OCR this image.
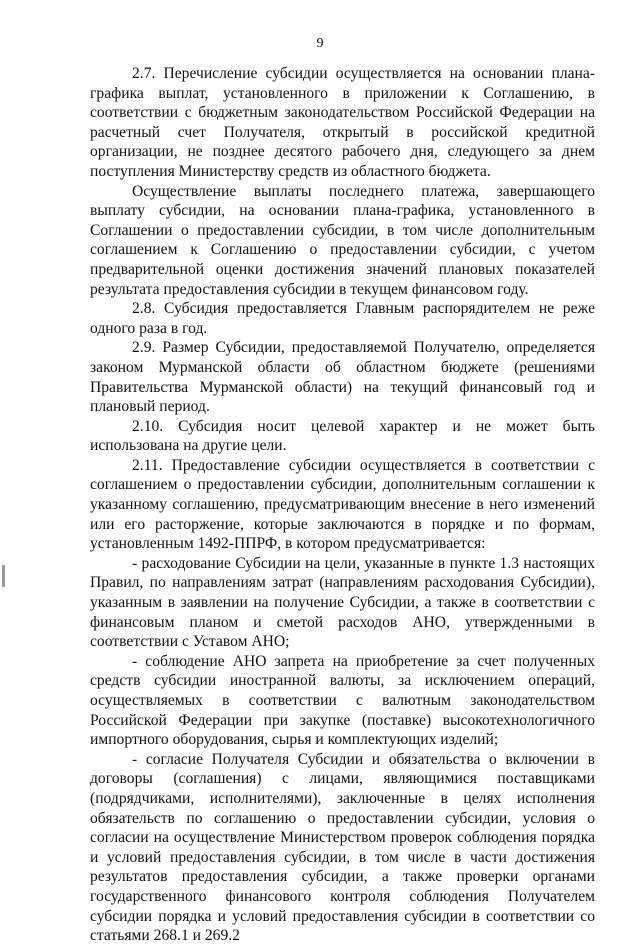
9

2.7. Перечисление субсидии осуществляется на основании плана-графика выплат, установленного в приложении к Соглашению, в соответствии с бюджетным законодательством Российской Федерации на расчетный счет Получателя, открытый в российской кредитной организации, не позднее десятого рабочего дня, следующего за днем поступления Министерству средств из областного бюджета.

Осуществление выплаты последнего платежа, завершающего выплату субсидии, на основании плана-графика, установленного в Соглашении о предоставлении субсидии, в том числе дополнительным соглашением к Соглашению о предоставлении субсидии, с учетом предварительной оценки достижения значений плановых показателей результата предоставления субсидии в текущем финансовом году.

2.8. Субсидия предоставляется Главным распорядителем не реже одного раза в год.

2.9. Размер Субсидии, предоставляемой Получателю, определяется законом Мурманской области об областном бюджете (решениями Правительства Мурманской области) на текущий финансовый год и плановый период.

2.10. Субсидия носит целевой характер и не может быть использована на другие цели.

2.11. Предоставление субсидии осуществляется в соответствии с соглашением о предоставлении субсидии, дополнительным соглашении к указанному соглашению, предусматривающим внесение в него изменений или его расторжение, которые заключаются в порядке и по формам, установленным 1492-ППРФ, в котором предусматривается:

- расходование Субсидии на цели, указанные в пункте 1.3 настоящих Правил, по направлениям затрат (направлениям расходования Субсидии), указанным в заявлении на получение Субсидии, а также в соответствии с финансовым планом и сметой расходов АНО, утвержденными в соответствии с Уставом АНО;

- соблюдение АНО запрета на приобретение за счет полученных средств субсидии иностранной валюты, за исключением операций, осуществляемых в соответствии с валютным законодательством Российской Федерации при закупке (поставке) высокотехнологичного импортного оборудования, сырья и комплектующих изделий;

- согласие Получателя Субсидии и обязательства о включении в договоры (соглашения) с лицами, являющимися поставщиками (подрядчиками, исполнителями), заключенные в целях исполнения обязательств по соглашению о предоставлении субсидии, условия о согласии на осуществление Министерством проверок соблюдения порядка и условий предоставления субсидии, в том числе в части достижения результатов предоставления субсидии, а также проверки органами государственного финансового контроля соблюдения Получателем субсидии порядка и условий предоставления субсидии в соответствии со статьями 268.1 и 269.2
